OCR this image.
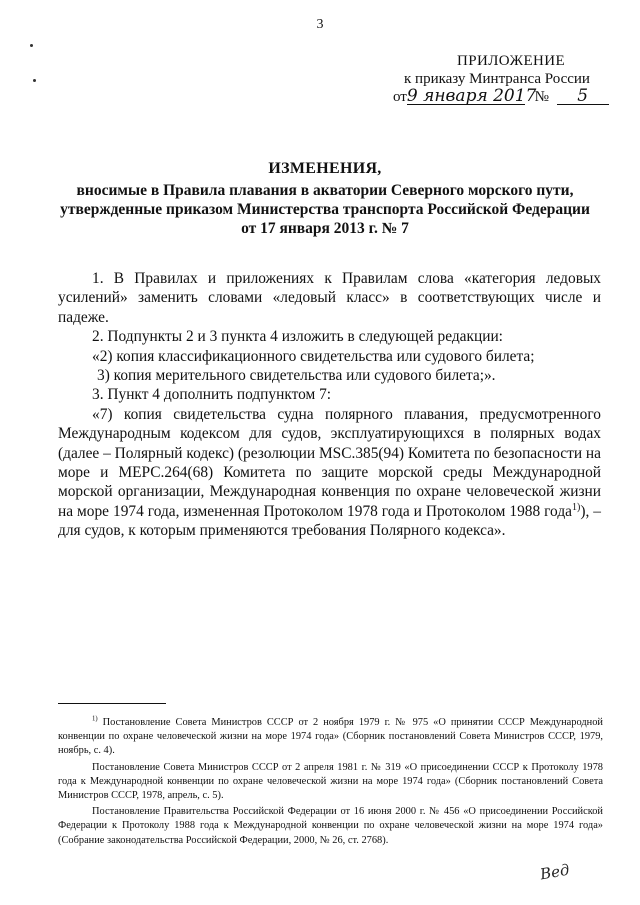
3
ПРИЛОЖЕНИЕ
к приказу Минтранса России
от9 января 2017 № 5
ИЗМЕНЕНИЯ,
вносимые в Правила плавания в акватории Северного морского пути,
утвержденные приказом Министерства транспорта Российской Федерации
от 17 января 2013 г. № 7

1. В Правилах и приложениях к Правилам слова «категория ледовых усилений» заменить словами «ледовый класс» в соответствующих числе и падеже.

2. Подпункты 2 и 3 пункта 4 изложить в следующей редакции:

«2) копия классификационного свидетельства или судового билета;

3) копия мерительного свидетельства или судового билета;».

3. Пункт 4 дополнить подпунктом 7:

«7) копия свидетельства судна полярного плавания, предусмотренного Международным кодексом для судов, эксплуатирующихся в полярных водах (далее – Полярный кодекс) (резолюции MSC.385(94) Комитета по безопасности на море и МЕРС.264(68) Комитета по защите морской среды Международной морской организации, Международная конвенция по охране человеческой жизни на море 1974 года, измененная Протоколом 1978 года и Протоколом 1988 года$^{1)}$), – для судов, к которым применяются требования Полярного кодекса».

$^{1)}$ Постановление Совета Министров СССР от 2 ноября 1979 г. № 975 «О принятии СССР Международной конвенции по охране человеческой жизни на море 1974 года» (Сборник постановлений Совета Министров СССР, 1979, ноябрь, с. 4).

Постановление Совета Министров СССР от 2 апреля 1981 г. № 319 «О присоединении СССР к Протоколу 1978 года к Международной конвенции по охране человеческой жизни на море 1974 года» (Сборник постановлений Совета Министров СССР, 1978, апрель, с. 5).

Постановление Правительства Российской Федерации от 16 июня 2000 г. № 456 «О присоединении Российской Федерации к Протоколу 1988 года к Международной конвенции по охране человеческой жизни на море 1974 года» (Собрание законодательства Российской Федерации, 2000, № 26, ст. 2768).

Вед
